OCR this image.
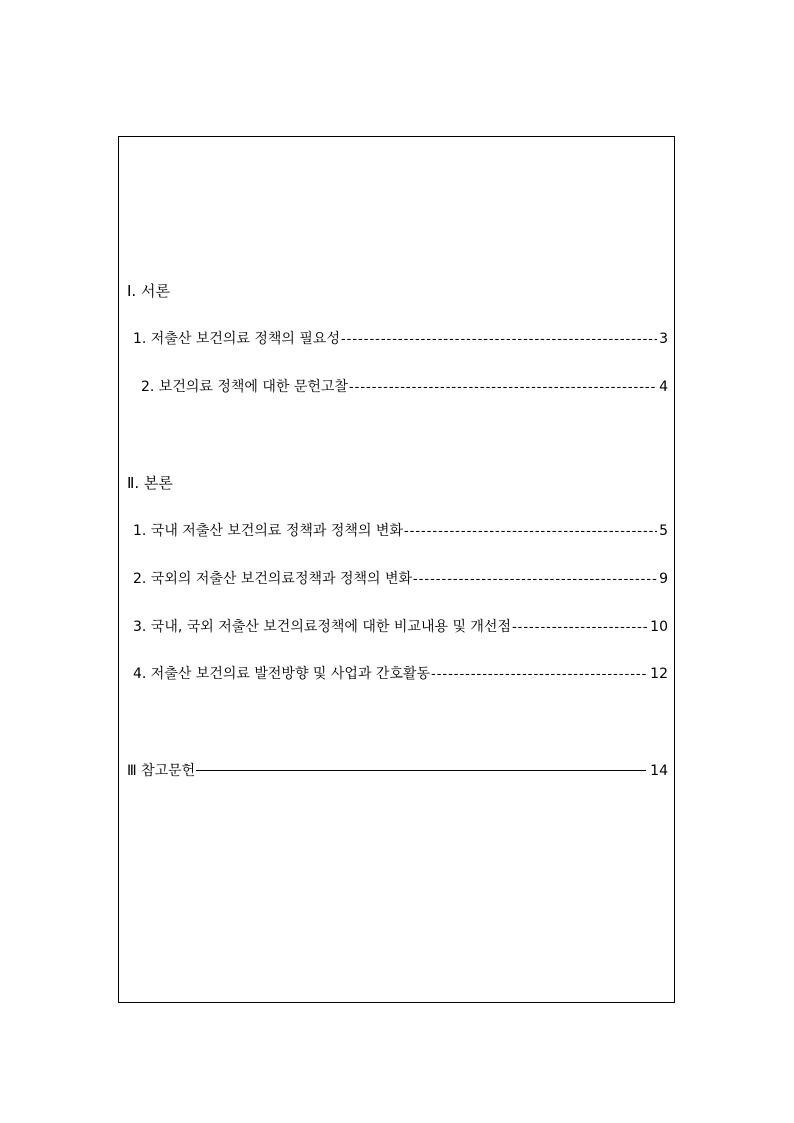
Ⅰ. 서론
1. 저출산 보건의료 정책의 필요성 -----	3
2. 보건의료 정책에 대한 문헌고찰 -----	4
Ⅱ. 본론
1. 국내 저출산 보건의료 정책과 정책의 변화 -----	5
2. 국외의 저출산 보건의료정책과 정책의 변화 -----	9
3. 국내, 국외 저출산 보건의료정책에 대한 비교내용 및 개선점 -----	10
4. 저출산 보건의료 발전방향 및 사업과 간호활동 -----	12
Ⅲ 참고문헌	14
